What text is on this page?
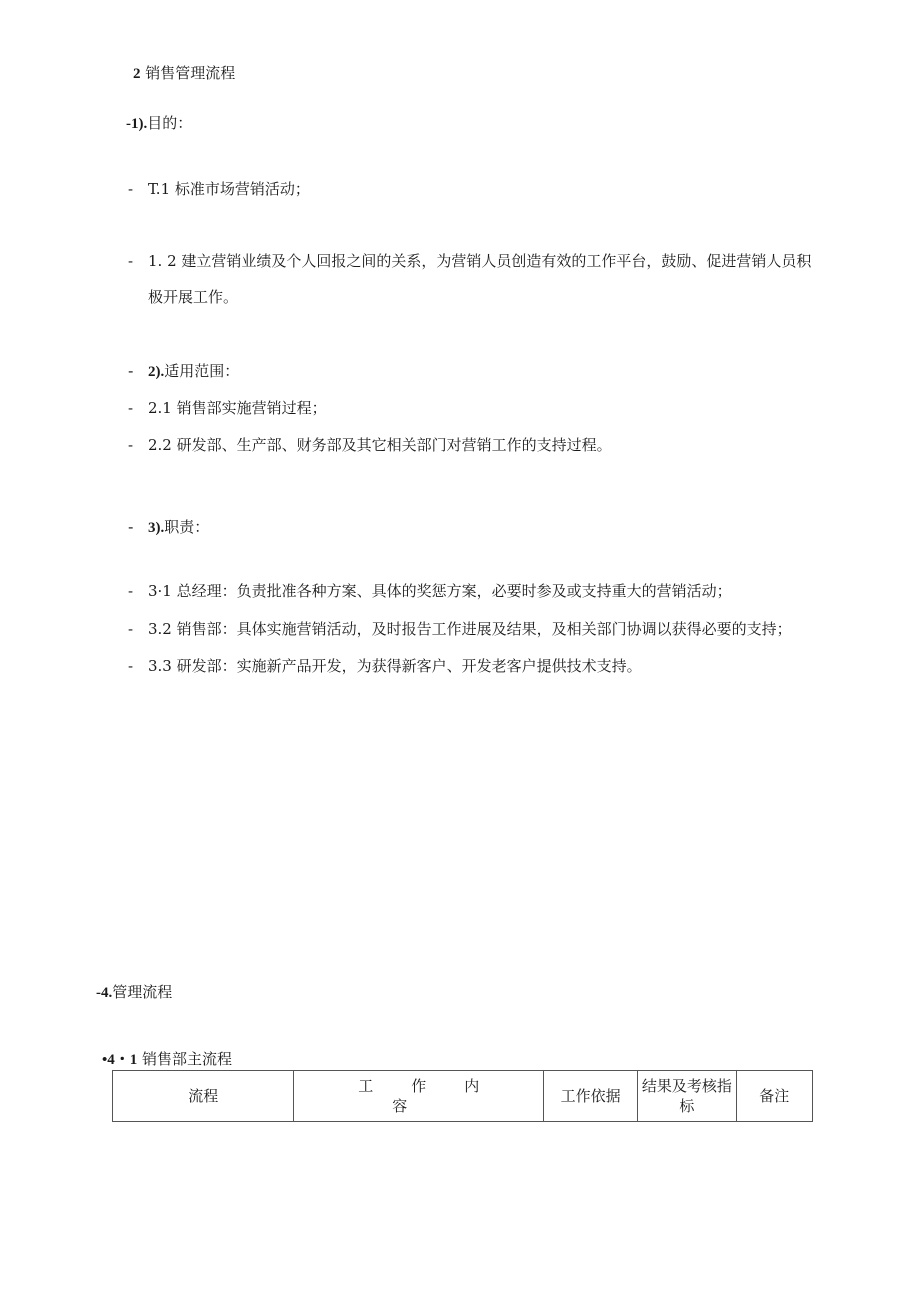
2 销售管理流程
-1).目的：
- T.1 标准市场营销活动；
- 1. 2 建立营销业绩及个人回报之间的关系，为营销人员创造有效的工作平台，鼓励、促进营销人员积
极开展工作。
- 2).适用范围：
- 2.1 销售部实施营销过程；
- 2.2 研发部、生产部、财务部及其它相关部门对营销工作的支持过程。
- 3).职责：
- 3·1 总经理：负责批准各种方案、具体的奖惩方案，必要时参及或支持重大的营销活动；
- 3.2 销售部：具体实施营销活动，及时报告工作进展及结果，及相关部门协调以获得必要的支持；
- 3.3 研发部：实施新产品开发，为获得新客户、开发老客户提供技术支持。
-4.管理流程
•4・1 销售部主流程
流程	工作内容	工作依据	结果及考核指标	备注
